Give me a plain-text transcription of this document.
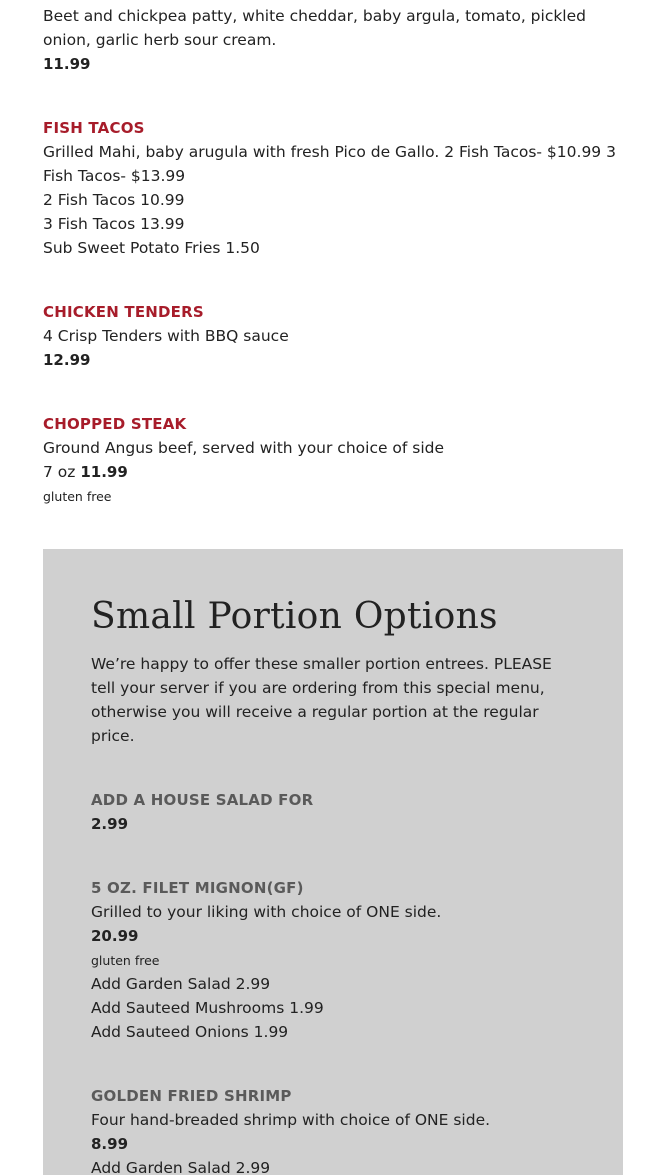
Beet and chickpea patty, white cheddar, baby argula, tomato, pickled
onion, garlic herb sour cream.
11.99
FISH TACOS
Grilled Mahi, baby arugula with fresh Pico de Gallo. 2 Fish Tacos- $10.99 3
Fish Tacos- $13.99
2 Fish Tacos 10.99
3 Fish Tacos 13.99
Sub Sweet Potato Fries 1.50
CHICKEN TENDERS
4 Crisp Tenders with BBQ sauce
12.99
CHOPPED STEAK
Ground Angus beef, served with your choice of side
7 oz 11.99
gluten free
Small Portion Options
We’re happy to offer these smaller portion entrees. PLEASE tell your server if you are ordering from this special menu, otherwise you will receive a regular portion at the regular price.
ADD A HOUSE SALAD FOR
2.99
5 OZ. FILET MIGNON(GF)
Grilled to your liking with choice of ONE side.
20.99
gluten free
Add Garden Salad 2.99
Add Sauteed Mushrooms 1.99
Add Sauteed Onions 1.99
GOLDEN FRIED SHRIMP
Four hand-breaded shrimp with choice of ONE side.
8.99
Add Garden Salad 2.99
